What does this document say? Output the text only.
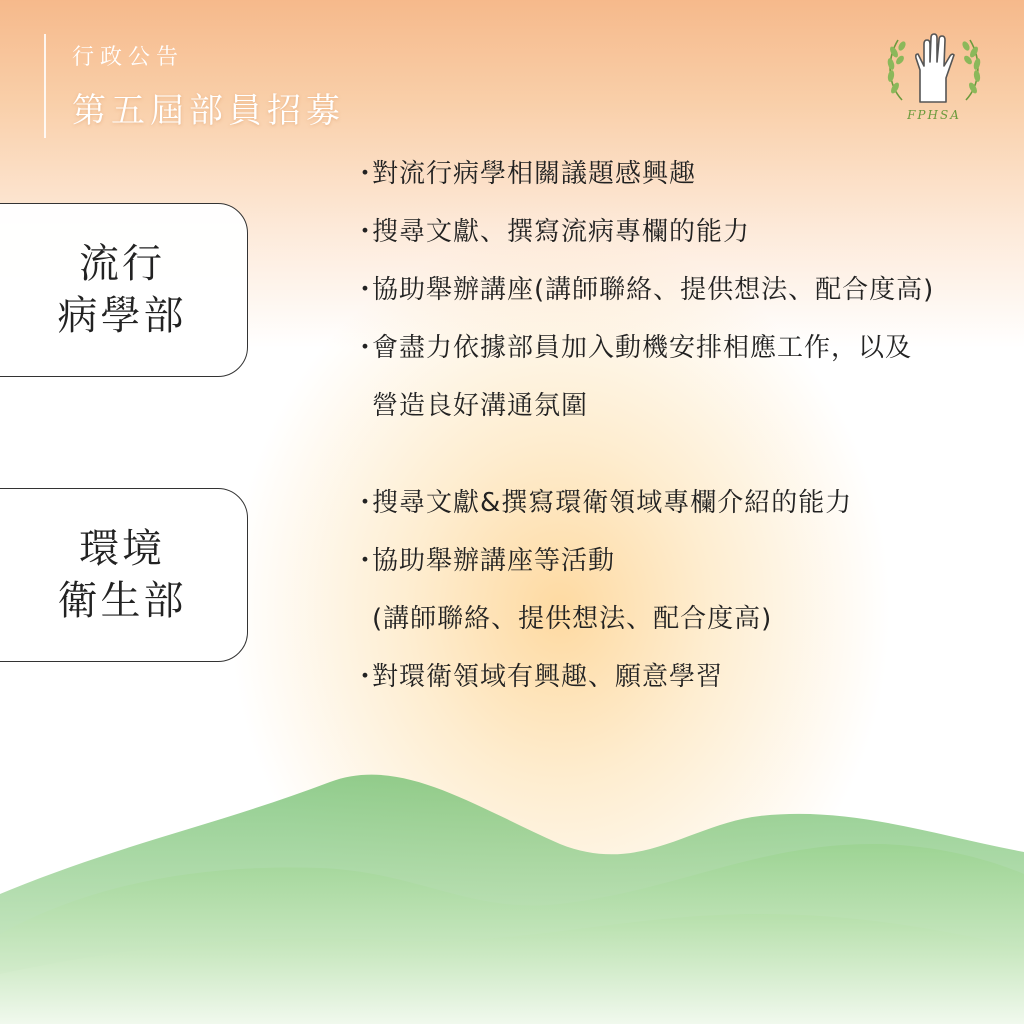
行政公告
第五屆部員招募	FPHSA
流行
病學部
・對流行病學相關議題感興趣
・搜尋文獻、撰寫流病專欄的能力
・協助舉辦講座(講師聯絡、提供想法、配合度高)
・會盡力依據部員加入動機安排相應工作，以及
營造良好溝通氛圍
環境
衛生部
・搜尋文獻&撰寫環衛領域專欄介紹的能力
・協助舉辦講座等活動
(講師聯絡、提供想法、配合度高)
・對環衛領域有興趣、願意學習
